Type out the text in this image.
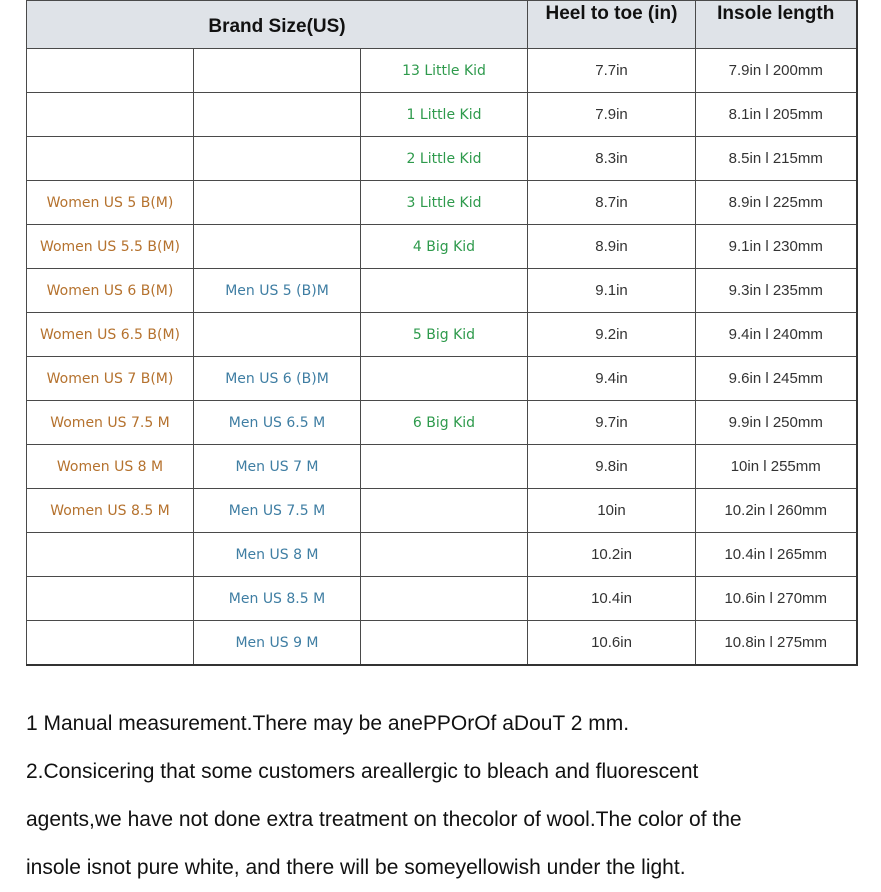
Brand Size(US)			Heel to toe (in)	Insole length
		13 Little Kid	7.7in	7.9in l 200mm
		1 Little Kid	7.9in	8.1in l 205mm
		2 Little Kid	8.3in	8.5in l 215mm
Women US 5 B(M)		3 Little Kid	8.7in	8.9in l 225mm
Women US 5.5 B(M)		4 Big Kid	8.9in	9.1in l 230mm
Women US 6 B(M)	Men US 5 (B)M		9.1in	9.3in l 235mm
Women US 6.5 B(M)		5 Big Kid	9.2in	9.4in l 240mm
Women US 7 B(M)	Men US 6 (B)M		9.4in	9.6in l 245mm
Women US 7.5 M	Men US 6.5 M	6 Big Kid	9.7in	9.9in l 250mm
Women US 8 M	Men US 7 M		9.8in	10in l 255mm
Women US 8.5 M	Men US 7.5 M		10in	10.2in l 260mm
	Men US 8 M		10.2in	10.4in l 265mm
	Men US 8.5 M		10.4in	10.6in l 270mm
	Men US 9 M		10.6in	10.8in l 275mm

1 Manual measurement.There may be anePPOrOf aDouT 2 mm.

2.Consicering that some customers areallergic to bleach and fluorescent

agents,we have not done extra treatment on thecolor of wool.The color of the

insole isnot pure white, and there will be someyellowish under the light.
